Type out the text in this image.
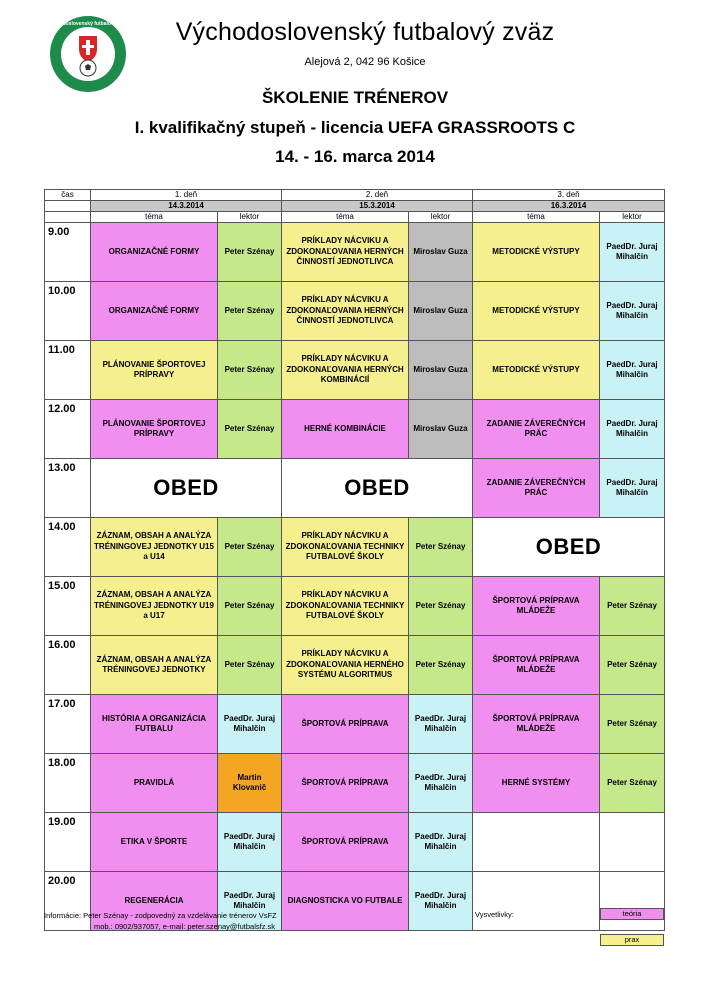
Východoslovenský futbalový zväz	Východoslovenský futbalový zväz
Alejová 2, 042 96 Košice
ŠKOLENIE TRÉNEROV
I. kvalifikačný stupeň - licencia UEFA GRASSROOTS C
14. - 16. marca 2014
čas	1. deň		2. deň		3. deň	
	14.3.2014		15.3.2014		16.3.2014	
	téma	lektor	téma	lektor	téma	lektor
9.00	ORGANIZAČNÉ FORMY	Peter Szénay	PRÍKLADY NÁCVIKU A ZDOKONAĽOVANIA HERNÝCH ČINNOSTÍ JEDNOTLIVCA	Miroslav Guza	METODICKÉ VÝSTUPY	PaedDr. Juraj Mihalčin
10.00	ORGANIZAČNÉ FORMY	Peter Szénay	PRÍKLADY NÁCVIKU A ZDOKONAĽOVANIA HERNÝCH ČINNOSTÍ JEDNOTLIVCA	Miroslav Guza	METODICKÉ VÝSTUPY	PaedDr. Juraj Mihalčin
11.00	PLÁNOVANIE ŠPORTOVEJ PRÍPRAVY	Peter Szénay	PRÍKLADY NÁCVIKU A ZDOKONAĽOVANIA HERNÝCH KOMBINÁCIÍ	Miroslav Guza	METODICKÉ VÝSTUPY	PaedDr. Juraj Mihalčin
12.00	PLÁNOVANIE ŠPORTOVEJ PRÍPRAVY	Peter Szénay	HERNÉ KOMBINÁCIE	Miroslav Guza	ZADANIE ZÁVEREČNÝCH PRÁC	PaedDr. Juraj Mihalčin
13.00	OBED		OBED		ZADANIE ZÁVEREČNÝCH PRÁC	PaedDr. Juraj Mihalčin
14.00	ZÁZNAM, OBSAH A ANALÝZA TRÉNINGOVEJ JEDNOTKY U15 a U14	Peter Szénay	PRÍKLADY NÁCVIKU A ZDOKONAĽOVANIA TECHNIKY FUTBALOVÉ ŠKOLY	Peter Szénay	OBED	
15.00	ZÁZNAM, OBSAH A ANALÝZA TRÉNINGOVEJ JEDNOTKY U19 a U17	Peter Szénay	PRÍKLADY NÁCVIKU A ZDOKONAĽOVANIA TECHNIKY FUTBALOVÉ ŠKOLY	Peter Szénay	ŠPORTOVÁ PRÍPRAVA MLÁDEŽE	Peter Szénay
16.00	ZÁZNAM, OBSAH A ANALÝZA TRÉNINGOVEJ JEDNOTKY	Peter Szénay	PRÍKLADY NÁCVIKU A ZDOKONAĽOVANIA HERNÉHO SYSTÉMU ALGORITMUS	Peter Szénay	ŠPORTOVÁ PRÍPRAVA MLÁDEŽE	Peter Szénay
17.00	HISTÓRIA A ORGANIZÁCIA FUTBALU	PaedDr. Juraj Mihalčin	ŠPORTOVÁ PRÍPRAVA	PaedDr. Juraj Mihalčin	ŠPORTOVÁ PRÍPRAVA MLÁDEŽE	Peter Szénay
18.00	PRAVIDLÁ	Martin Klovanič	ŠPORTOVÁ PRÍPRAVA	PaedDr. Juraj Mihalčin	HERNÉ SYSTÉMY	Peter Szénay
19.00	ETIKA V ŠPORTE	PaedDr. Juraj Mihalčin	ŠPORTOVÁ PRÍPRAVA	PaedDr. Juraj Mihalčin		
20.00	REGENERÁCIA	PaedDr. Juraj Mihalčin	DIAGNOSTICKA VO FUTBALE	PaedDr. Juraj Mihalčin		
Informácie: Peter Szénay - zodpovedný za vzdelávanie trénerov VsFZ
mob.: 0902/937057, e-mail: peter.szenay@futbalsfz.sk
Vysvetlivky:	teória
prax
